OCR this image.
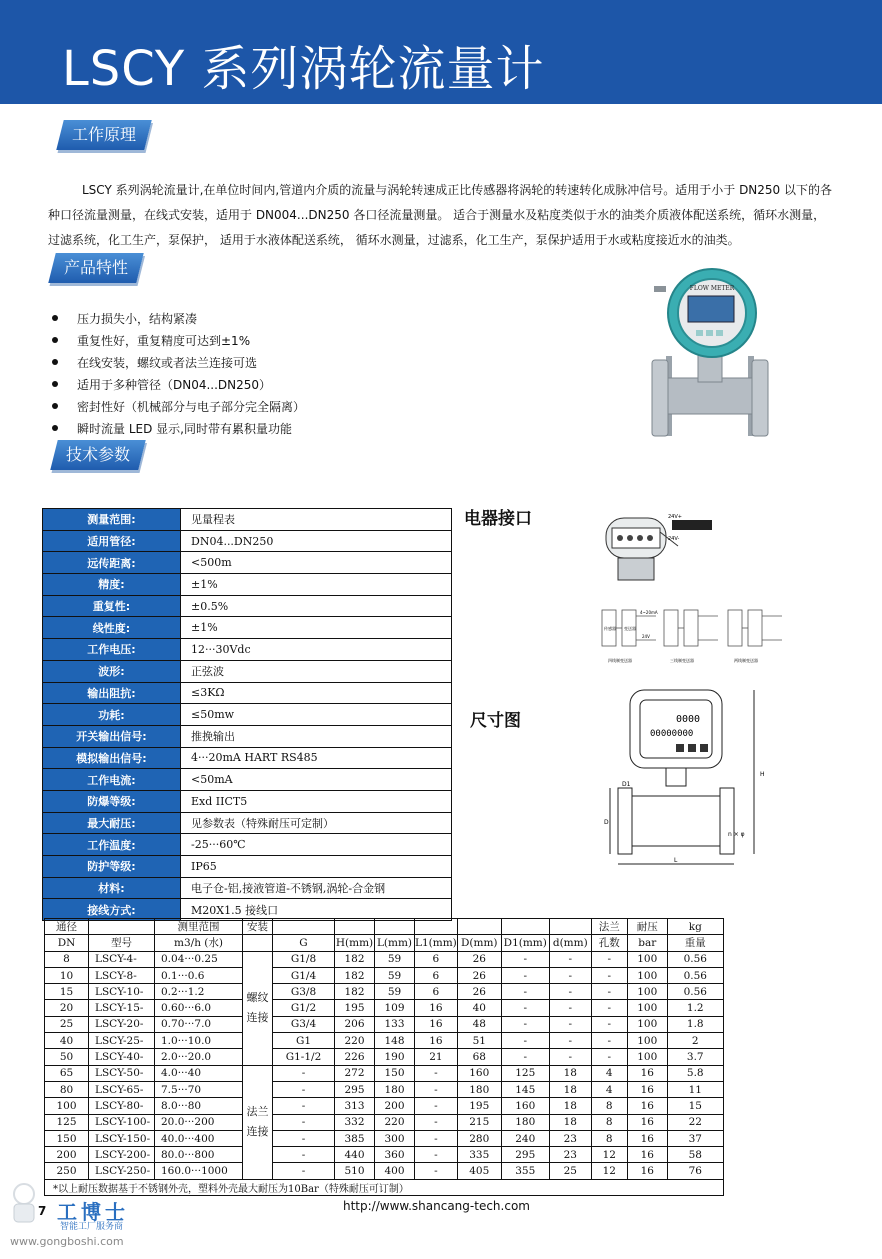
LSCY 系列涡轮流量计
工作原理

LSCY 系列涡轮流量计,在单位时间内,管道内介质的流量与涡轮转速成正比传感器将涡轮的转速转化成脉冲信号。适用于小于 DN250 以下的各种口径流量测量，在线式安装，适用于 DN004...DN250 各口径流量测量。 适合于测量水及粘度类似于水的油类介质液体配送系统，循环水测量，过滤系统，化工生产，泵保护， 适用于水液体配送系统， 循环水测量，过滤系，化工生产，泵保护适用于水或粘度接近水的油类。

产品特性
压力损失小，结构紧凑
重复性好，重复精度可达到±1%
在线安装，螺纹或者法兰连接可选
适用于多种管径（DN04...DN250）
密封性好（机械部分与电子部分完全隔离）
瞬时流量 LED 显示,同时带有累积量功能
FLOW METER
技术参数
测量范围:	见量程表
适用管径:	DN04...DN250
远传距离:	<500m
精度:	±1%
重复性:	±0.5%
线性度:	±1%
工作电压:	12···30Vdc
波形:	正弦波
输出阻抗:	≤3KΩ
功耗:	≤50mw
开关输出信号:	推挽输出
模拟输出信号:	4···20mA HART RS485
工作电流:	<50mA
防爆等级:	Exd IICT5
最大耐压:	见参数表（特殊耐压可定制）
工作温度:	-25···60℃
防护等级:	IP65
材料:	电子仓-铝,接液管道-不锈钢,涡轮-合金钢
接线方式:	M20X1.5 接线口
电器接口
尺寸图
24V+
24V-
传感器 变送器
4~20mA
24V
四线制变送器	三线制变送器	两线制变送器
0000
00000000
H
D
D1
L
n × φ
通径		测里范围	安装								法兰	耐压	kg
DN	型号	m3/h (水)		G	H(mm)	L(mm)	L1(mm)	D(mm)	D1(mm)	d(mm)	孔数	bar	重量
8	LSCY-4-	0.04···0.25	螺纹连接	G1/8	182	59	6	26	-	-	-	100	0.56
10	LSCY-8-	0.1···0.6		G1/4	182	59	6	26	-	-	-	100	0.56
15	LSCY-10-	0.2···1.2		G3/8	182	59	6	26	-	-	-	100	0.56
20	LSCY-15-	0.60···6.0		G1/2	195	109	16	40	-	-	-	100	1.2
25	LSCY-20-	0.70···7.0		G3/4	206	133	16	48	-	-	-	100	1.8
40	LSCY-25-	1.0···10.0		G1	220	148	16	51	-	-	-	100	2
50	LSCY-40-	2.0···20.0		G1-1/2	226	190	21	68	-	-	-	100	3.7
65	LSCY-50-	4.0···40	法兰连接	-	272	150	-	160	125	18	4	16	5.8
80	LSCY-65-	7.5···70		-	295	180	-	180	145	18	4	16	11
100	LSCY-80-	8.0···80		-	313	200	-	195	160	18	8	16	15
125	LSCY-100-	20.0···200		-	332	220	-	215	180	18	8	16	22
150	LSCY-150-	40.0···400		-	385	300	-	280	240	23	8	16	37
200	LSCY-200-	80.0···800		-	440	360	-	335	295	23	12	16	58
250	LSCY-250-	160.0···1000		-	510	400	-	405	355	25	12	16	76
*以上耐压数据基于不锈钢外壳，塑料外壳最大耐压为10Bar（特殊耐压可订制）													
http://www.shancang-tech.com
7 工博士
智能工厂服务商
www.gongboshi.com
